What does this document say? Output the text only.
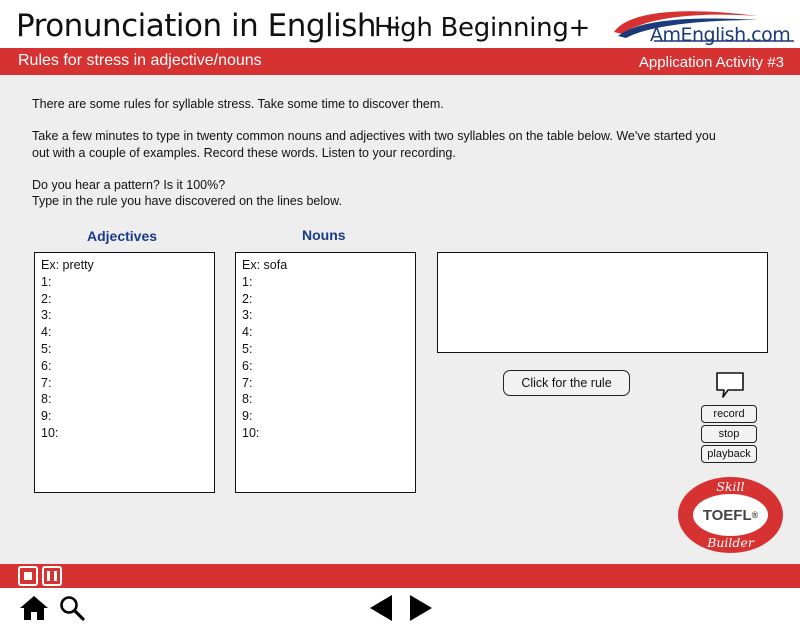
Pronunciation in English –
High Beginning+	AmEnglish.com
Rules for stress in adjective/nouns	Application Activity #3
There are some rules for syllable stress. Take some time to discover them.
Take a few minutes to type in twenty common nouns and adjectives with two syllables on the table below. We've started you
out with a couple of examples. Record these words. Listen to your recording.
Do you hear a pattern? Is it 100%?
Type in the rule you have discovered on the lines below.
Adjectives	Nouns
Ex: pretty
1:
2:
3:
4:
5:
6:
7:
8:
9:
10:
Ex: sofa
1:
2:
3:
4:
5:
6:
7:
8:
9:
10:
Click for the rule
record
stop
playback
Skill
TOEFL ®
Builder
